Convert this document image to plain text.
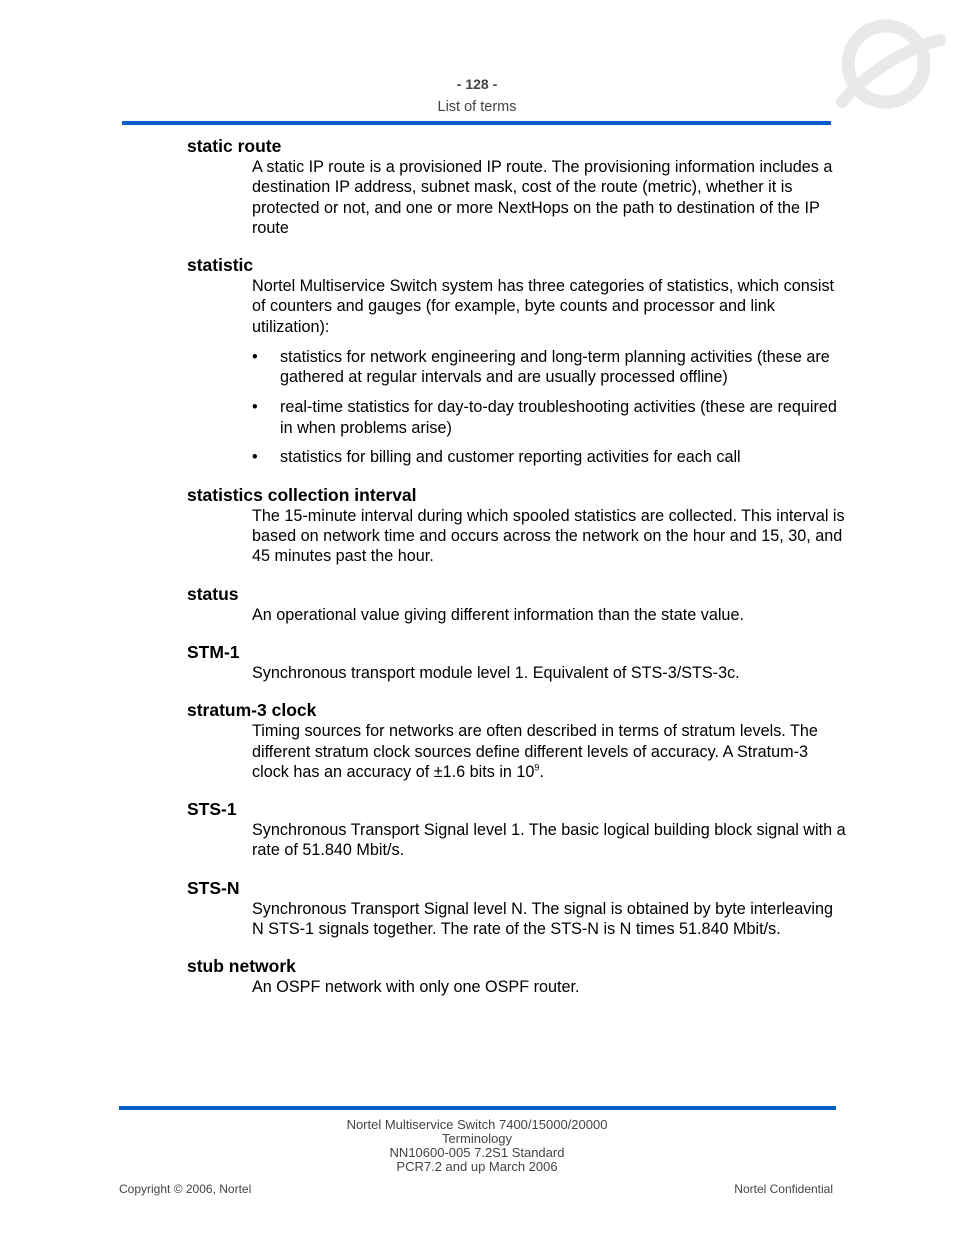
- 128 -
List of terms

static route

A static IP route is a provisioned IP route. The provisioning information includes a destination IP address, subnet mask, cost of the route (metric), whether it is protected or not, and one or more NextHops on the path to destination of the IP route

statistic

Nortel Multiservice Switch system has three categories of statistics, which consist of counters and gauges (for example, byte counts and processor and link utilization):

• statistics for network engineering and long-term planning activities (these are gathered at regular intervals and are usually processed offline)
• real-time statistics for day-to-day troubleshooting activities (these are required in when problems arise)
• statistics for billing and customer reporting activities for each call

statistics collection interval

The 15-minute interval during which spooled statistics are collected. This interval is based on network time and occurs across the network on the hour and 15, 30, and 45 minutes past the hour.

status

An operational value giving different information than the state value.

STM-1

Synchronous transport module level 1. Equivalent of STS-3/STS-3c.

stratum-3 clock

Timing sources for networks are often described in terms of stratum levels. The different stratum clock sources define different levels of accuracy. A Stratum-3 clock has an accuracy of ±1.6 bits in $10^9$.

STS-1

Synchronous Transport Signal level 1. The basic logical building block signal with a rate of 51.840 Mbit/s.

STS-N

Synchronous Transport Signal level N. The signal is obtained by byte interleaving N STS-1 signals together. The rate of the STS-N is N times 51.840 Mbit/s.

stub network

An OSPF network with only one OSPF router.

Nortel Multiservice Switch 7400/15000/20000
Terminology
NN10600-005 7.2S1 Standard
PCR7.2 and up March 2006
Copyright © 2006, Nortel	Nortel Confidential
